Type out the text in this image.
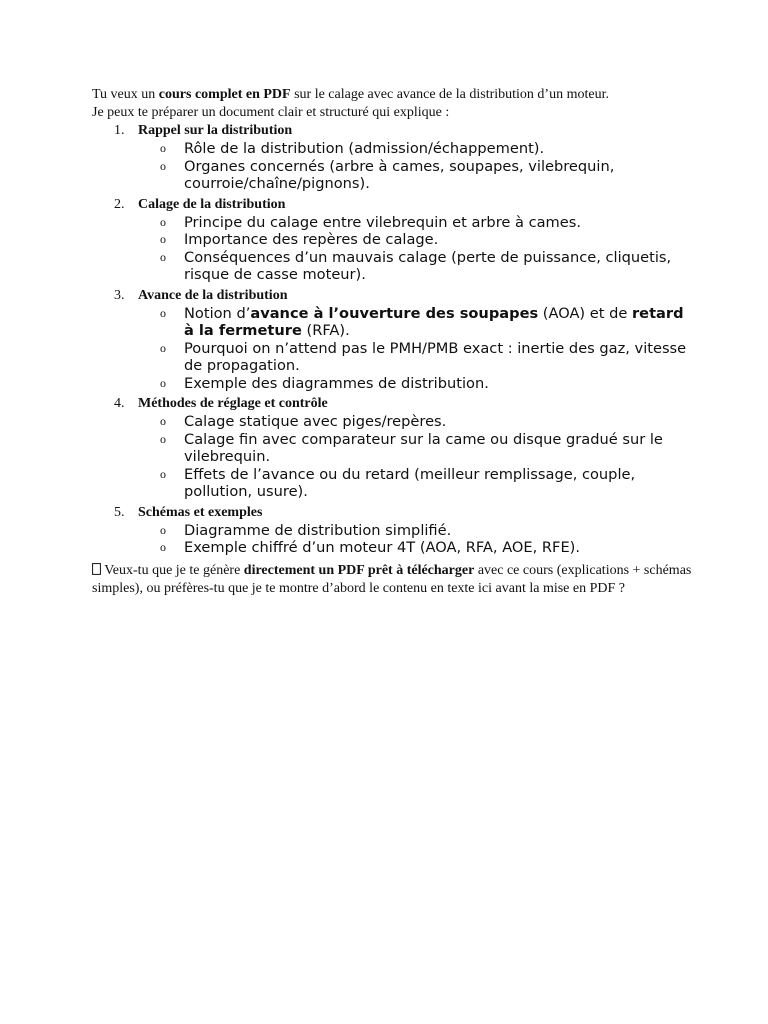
Tu veux un cours complet en PDF sur le calage avec avance de la distribution d’un moteur.
Je peux te préparer un document clair et structuré qui explique :

1. Rappel sur la distribution
o Rôle de la distribution (admission/échappement).
o Organes concernés (arbre à cames, soupapes, vilebrequin, courroie/chaîne/pignons).
2. Calage de la distribution
o Principe du calage entre vilebrequin et arbre à cames.
o Importance des repères de calage.
o Conséquences d’un mauvais calage (perte de puissance, cliquetis, risque de casse moteur).
3. Avance de la distribution
o Notion d’avance à l’ouverture des soupapes (AOA) et de retard à la fermeture (RFA).
o Pourquoi on n’attend pas le PMH/PMB exact : inertie des gaz, vitesse de propagation.
o Exemple des diagrammes de distribution.
4. Méthodes de réglage et contrôle
o Calage statique avec piges/repères.
o Calage fin avec comparateur sur la came ou disque gradué sur le vilebrequin.
o Effets de l’avance ou du retard (meilleur remplissage, couple, pollution, usure).
5. Schémas et exemples
o Diagramme de distribution simplifié.
o Exemple chiffré d’un moteur 4T (AOA, RFA, AOE, RFE).

Veux-tu que je te génère directement un PDF prêt à télécharger avec ce cours (explications + schémas simples), ou préfères-tu que je te montre d’abord le contenu en texte ici avant la mise en PDF ?
